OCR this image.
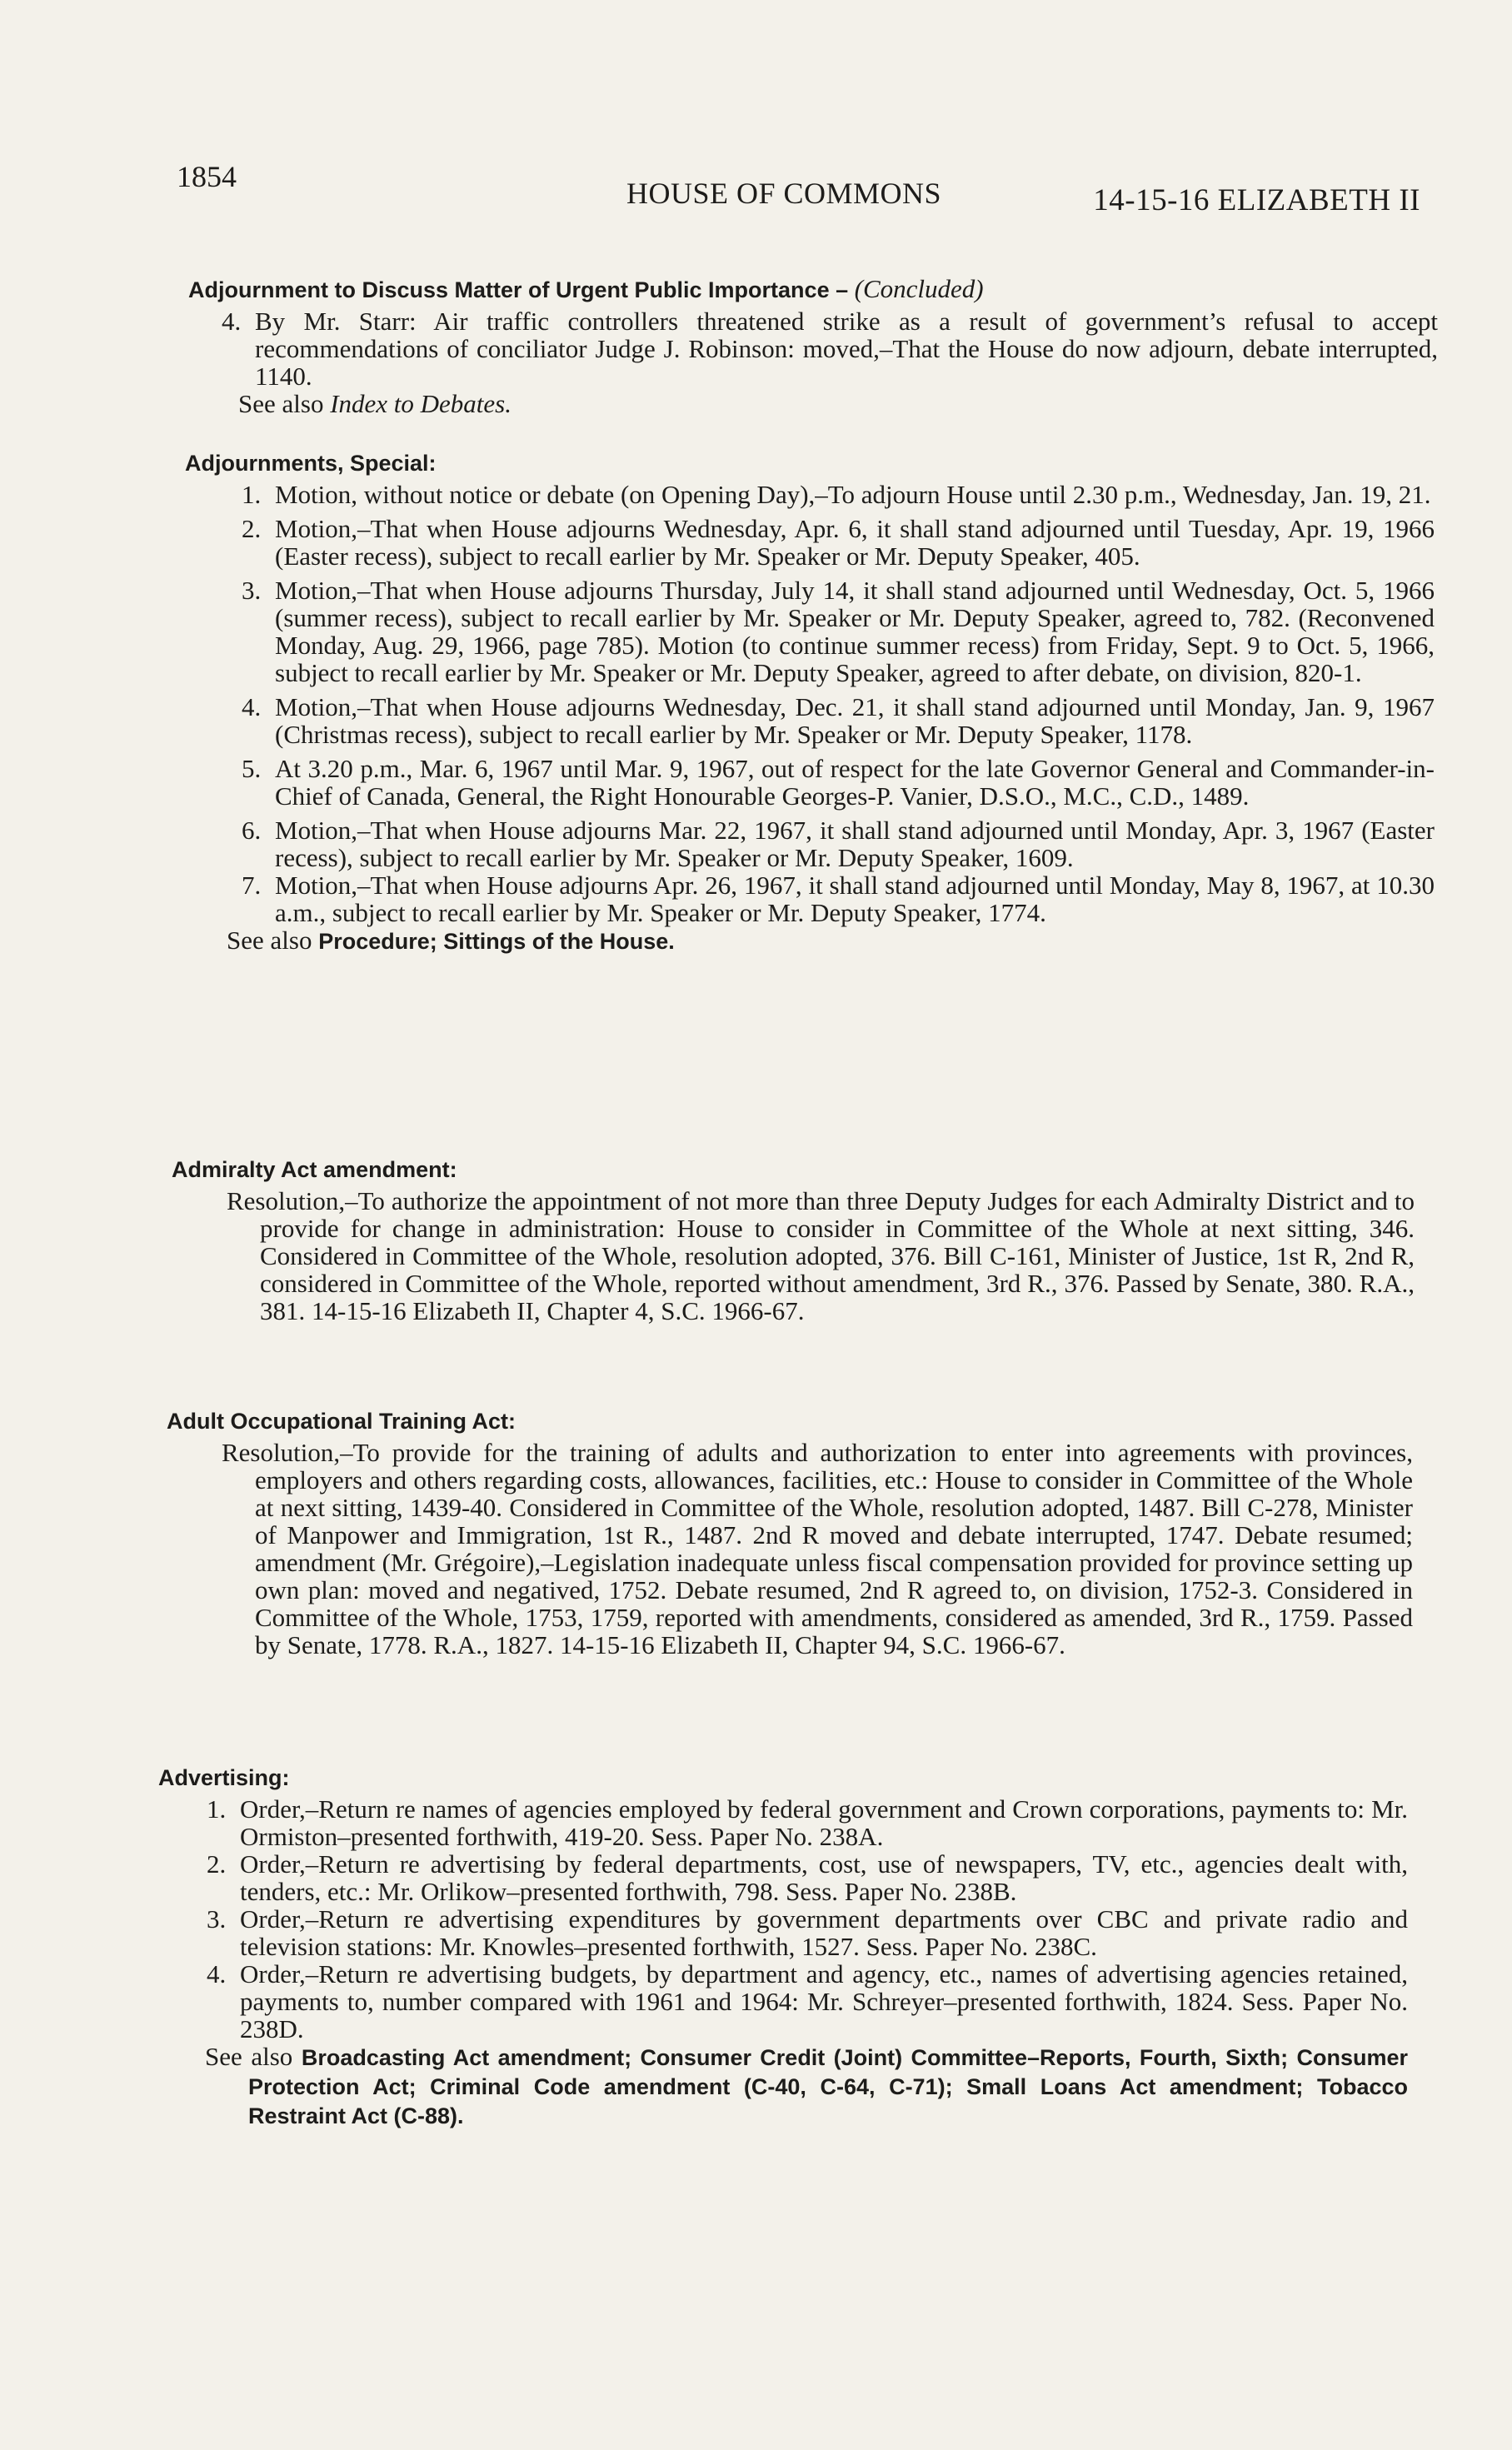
1854	HOUSE OF COMMONS	14-15-16 ELIZABETH II
Adjournment to Discuss Matter of Urgent Public Importance – (Concluded)
4. By Mr. Starr: Air traffic controllers threatened strike as a result of government’s refusal to accept recommendations of conciliator Judge J. Robinson: moved,–That the House do now adjourn, debate interrupted, 1140.
See also Index to Debates.
Adjournments, Special:
1. Motion, without notice or debate (on Opening Day),–To adjourn House until 2.30 p.m., Wednesday, Jan. 19, 21.
2. Motion,–That when House adjourns Wednesday, Apr. 6, it shall stand adjourned until Tuesday, Apr. 19, 1966 (Easter recess), subject to recall earlier by Mr. Speaker or Mr. Deputy Speaker, 405.
3. Motion,–That when House adjourns Thursday, July 14, it shall stand adjourned until Wednesday, Oct. 5, 1966 (summer recess), subject to recall earlier by Mr. Speaker or Mr. Deputy Speaker, agreed to, 782. (Reconvened Monday, Aug. 29, 1966, page 785). Motion (to continue summer recess) from Friday, Sept. 9 to Oct. 5, 1966, subject to recall earlier by Mr. Speaker or Mr. Deputy Speaker, agreed to after debate, on division, 820-1.
4. Motion,–That when House adjourns Wednesday, Dec. 21, it shall stand adjourned until Monday, Jan. 9, 1967 (Christmas recess), subject to recall earlier by Mr. Speaker or Mr. Deputy Speaker, 1178.
5. At 3.20 p.m., Mar. 6, 1967 until Mar. 9, 1967, out of respect for the late Governor General and Commander-in-Chief of Canada, General, the Right Honourable Georges-P. Vanier, D.S.O., M.C., C.D., 1489.
6. Motion,–That when House adjourns Mar. 22, 1967, it shall stand adjourned until Monday, Apr. 3, 1967 (Easter recess), subject to recall earlier by Mr. Speaker or Mr. Deputy Speaker, 1609.
7. Motion,–That when House adjourns Apr. 26, 1967, it shall stand adjourned until Monday, May 8, 1967, at 10.30 a.m., subject to recall earlier by Mr. Speaker or Mr. Deputy Speaker, 1774.
See also Procedure; Sittings of the House.
Admiralty Act amendment:
Resolution,–To authorize the appointment of not more than three Deputy Judges for each Admiralty District and to provide for change in administration: House to consider in Committee of the Whole at next sitting, 346. Considered in Committee of the Whole, resolution adopted, 376. Bill C-161, Minister of Justice, 1st R, 2nd R, considered in Committee of the Whole, reported without amendment, 3rd R., 376. Passed by Senate, 380. R.A., 381. 14-15-16 Elizabeth II, Chapter 4, S.C. 1966-67.
Adult Occupational Training Act:
Resolution,–To provide for the training of adults and authorization to enter into agreements with provinces, employers and others regarding costs, allowances, facilities, etc.: House to consider in Committee of the Whole at next sitting, 1439-40. Considered in Committee of the Whole, resolution adopted, 1487. Bill C-278, Minister of Manpower and Immigration, 1st R., 1487. 2nd R moved and debate interrupted, 1747. Debate resumed; amendment (Mr. Grégoire),–Legislation inadequate unless fiscal compensation provided for province setting up own plan: moved and negatived, 1752. Debate resumed, 2nd R agreed to, on division, 1752-3. Considered in Committee of the Whole, 1753, 1759, reported with amendments, considered as amended, 3rd R., 1759. Passed by Senate, 1778. R.A., 1827. 14-15-16 Elizabeth II, Chapter 94, S.C. 1966-67.
Advertising:
1. Order,–Return re names of agencies employed by federal government and Crown corporations, payments to: Mr. Ormiston–presented forthwith, 419-20. Sess. Paper No. 238A.
2. Order,–Return re advertising by federal departments, cost, use of newspapers, TV, etc., agencies dealt with, tenders, etc.: Mr. Orlikow–presented forthwith, 798. Sess. Paper No. 238B.
3. Order,–Return re advertising expenditures by government departments over CBC and private radio and television stations: Mr. Knowles–presented forthwith, 1527. Sess. Paper No. 238C.
4. Order,–Return re advertising budgets, by department and agency, etc., names of advertising agencies retained, payments to, number compared with 1961 and 1964: Mr. Schreyer–presented forthwith, 1824. Sess. Paper No. 238D.
See also Broadcasting Act amendment; Consumer Credit (Joint) Committee–Reports, Fourth, Sixth; Consumer Protection Act; Criminal Code amendment (C-40, C-64, C-71); Small Loans Act amendment; Tobacco Restraint Act (C-88).
